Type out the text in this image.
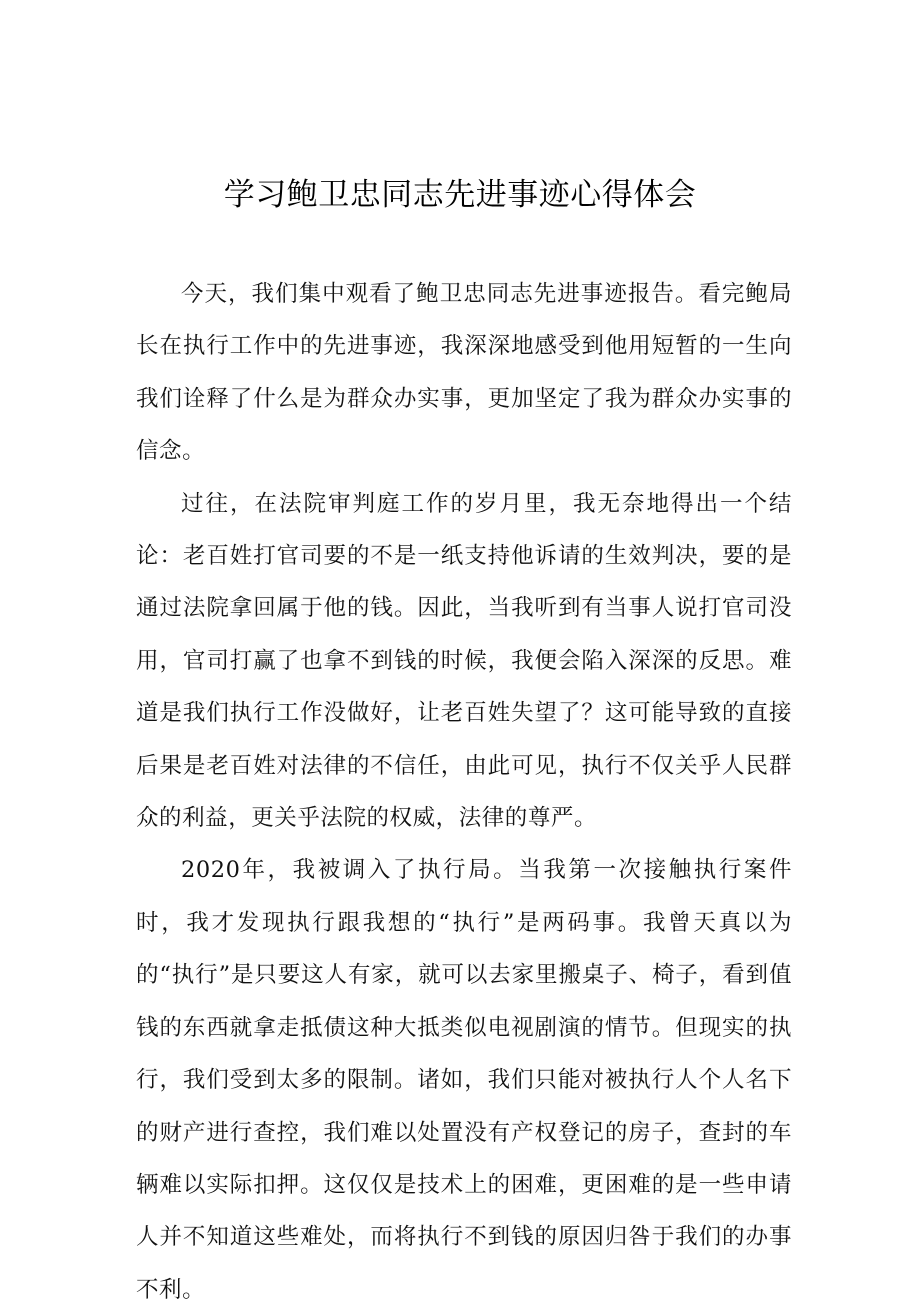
学习鲍卫忠同志先进事迹心得体会

今天，我们集中观看了鲍卫忠同志先进事迹报告。看完鲍局长在执行工作中的先进事迹，我深深地感受到他用短暂的一生向我们诠释了什么是为群众办实事，更加坚定了我为群众办实事的信念。

过往，在法院审判庭工作的岁月里，我无奈地得出一个结论：老百姓打官司要的不是一纸支持他诉请的生效判决，要的是通过法院拿回属于他的钱。因此，当我听到有当事人说打官司没用，官司打赢了也拿不到钱的时候，我便会陷入深深的反思。难道是我们执行工作没做好，让老百姓失望了？这可能导致的直接后果是老百姓对法律的不信任，由此可见，执行不仅关乎人民群众的利益，更关乎法院的权威，法律的尊严。

2020年，我被调入了执行局。当我第一次接触执行案件时，我才发现执行跟我想的“执行”是两码事。我曾天真以为的“执行”是只要这人有家，就可以去家里搬桌子、椅子，看到值钱的东西就拿走抵债这种大抵类似电视剧演的情节。但现实的执行，我们受到太多的限制。诸如，我们只能对被执行人个人名下的财产进行查控，我们难以处置没有产权登记的房子，查封的车辆难以实际扣押。这仅仅是技术上的困难，更困难的是一些申请人并不知道这些难处，而将执行不到钱的原因归咎于我们的办事不利。
